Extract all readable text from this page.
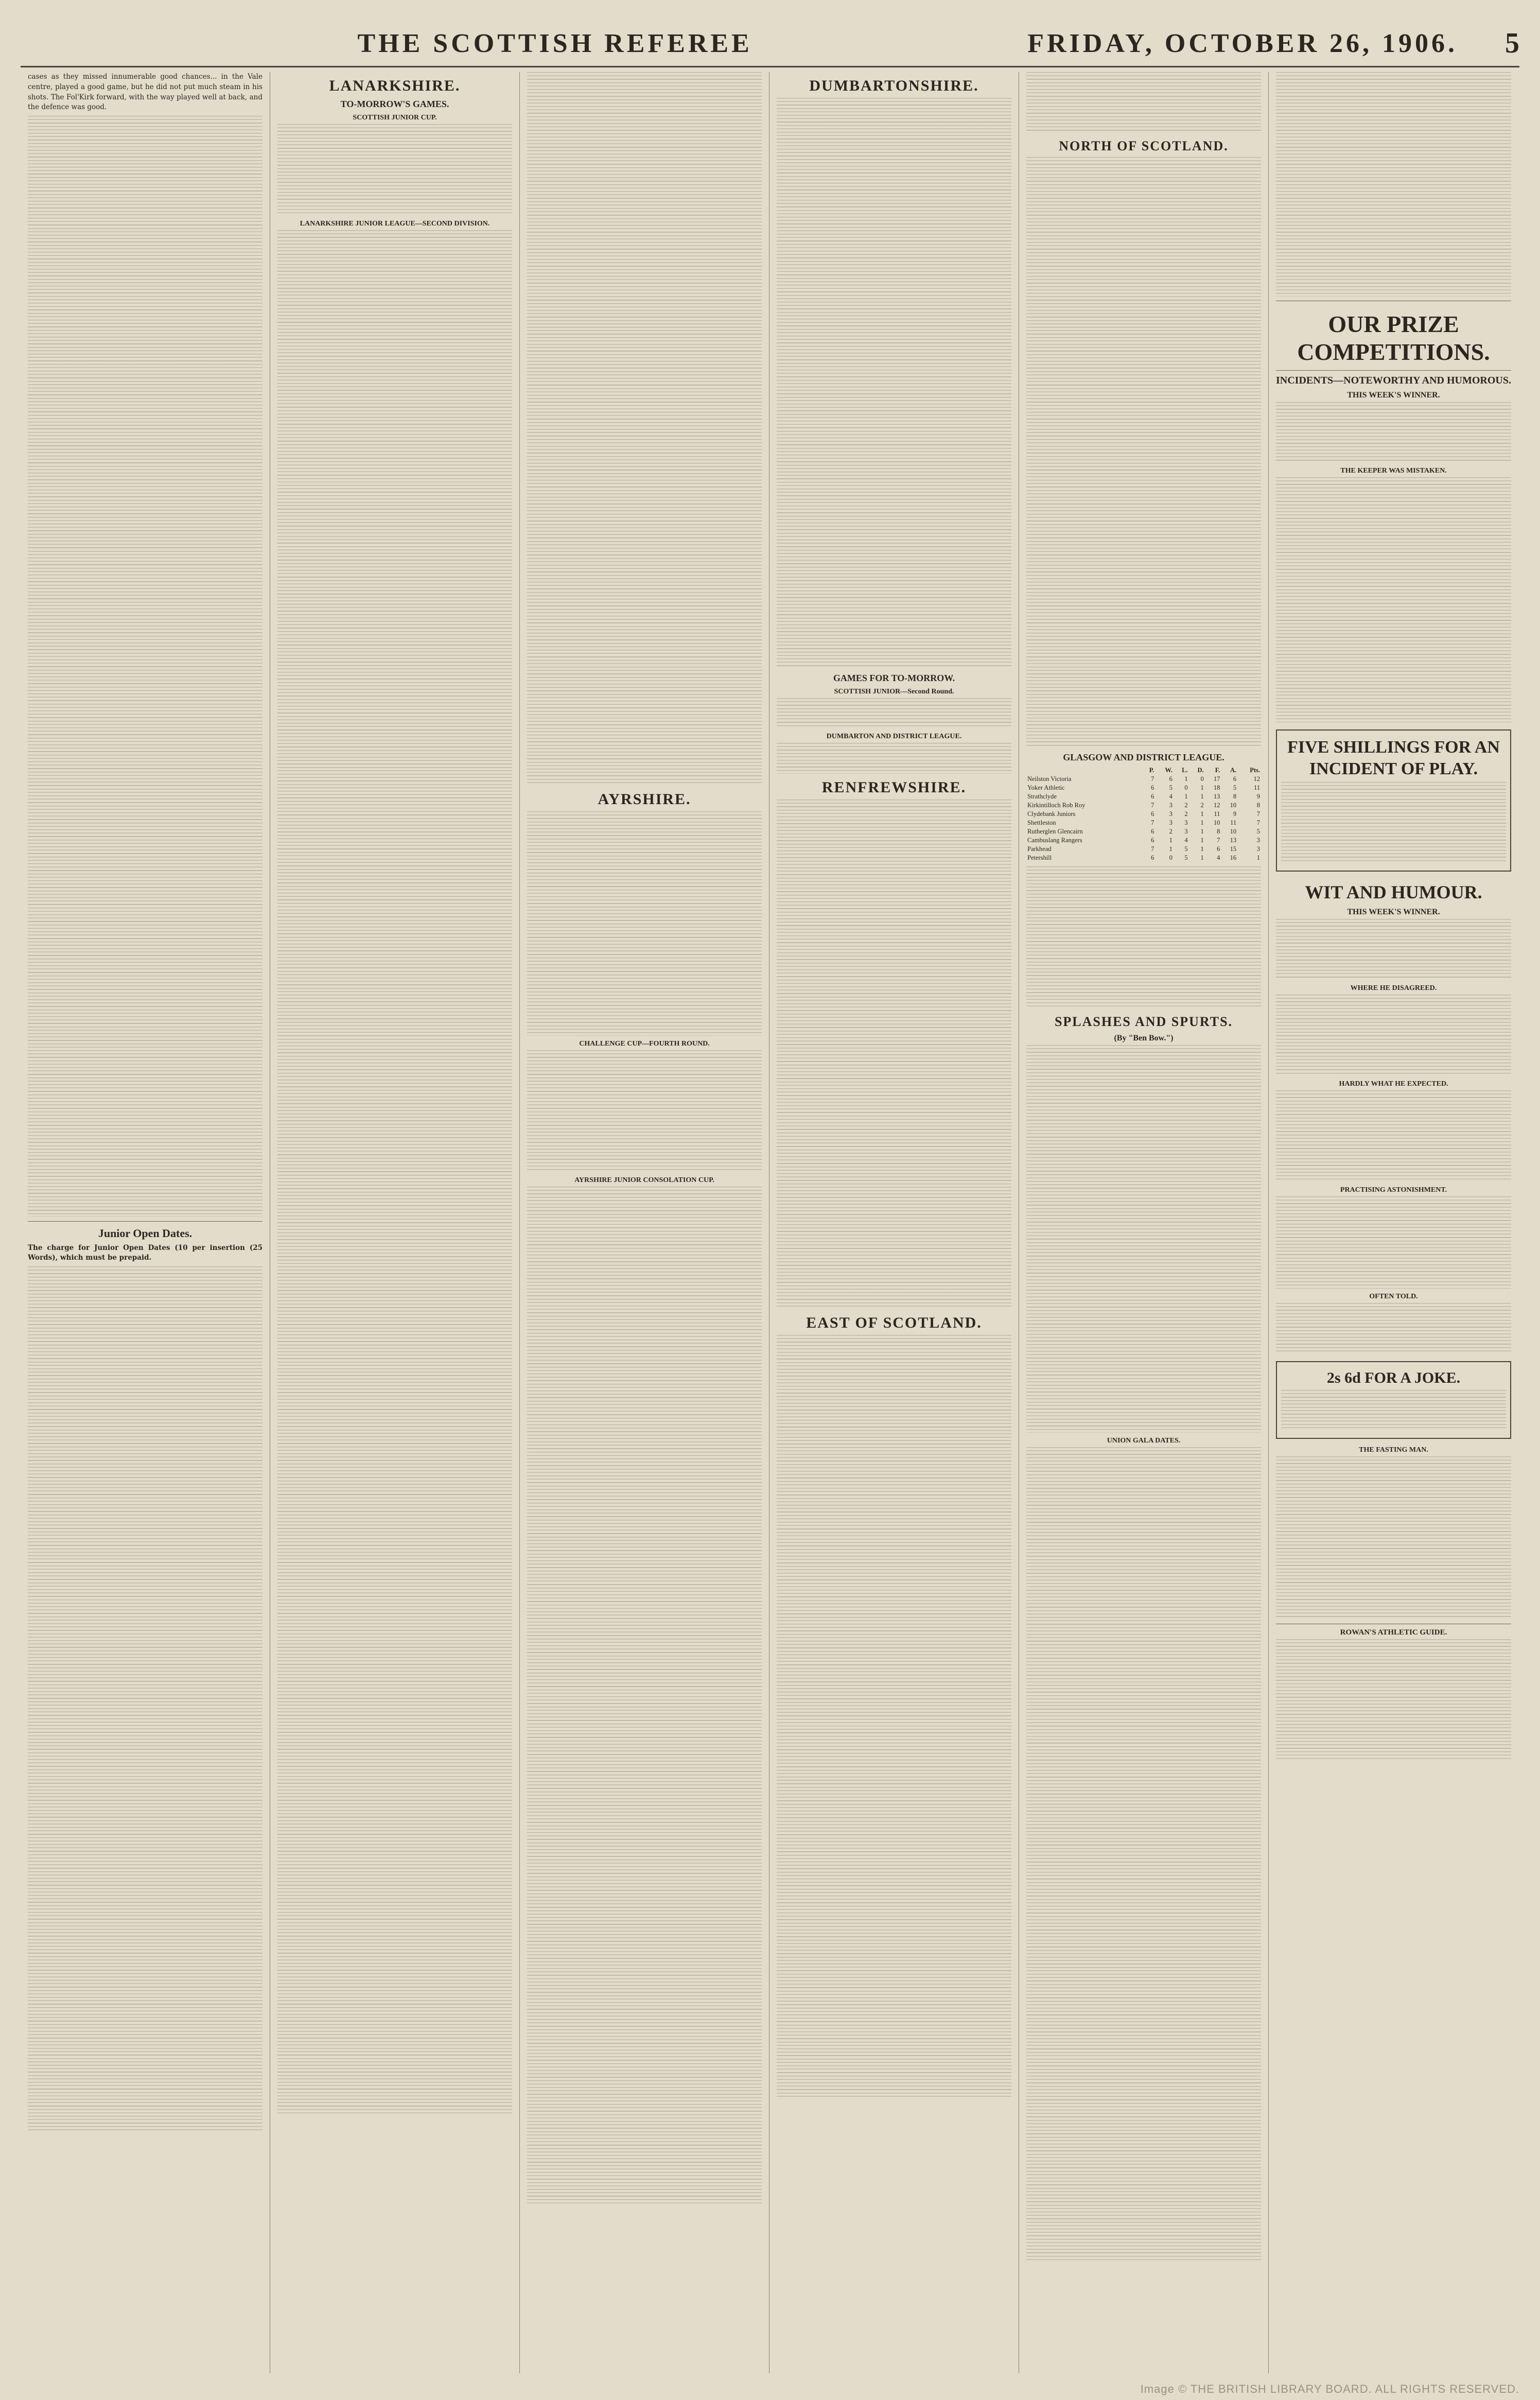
THE SCOTTISH REFEREE	FRIDAY, OCTOBER 26, 1906.	5

cases as they missed innumerable good chances... in the Vale centre, played a good game, but he did not put much steam in his shots. The Fol'Kirk forward, with the way played well at back, and the defence was good.

Junior Open Dates.

The charge for Junior Open Dates (10 per insertion (25 Words), which must be prepaid.

LANARKSHIRE.
TO-MORROW'S GAMES.
SCOTTISH JUNIOR CUP.
LANARKSHIRE JUNIOR LEAGUE—SECOND DIVISION.
AYRSHIRE.
CHALLENGE CUP—FOURTH ROUND.
AYRSHIRE JUNIOR CONSOLATION CUP.
DUMBARTONSHIRE.
GAMES FOR TO-MORROW.
SCOTTISH JUNIOR—Second Round.
DUMBARTON AND DISTRICT LEAGUE.
RENFREWSHIRE.
EAST OF SCOTLAND.
NORTH OF SCOTLAND.
GLASGOW AND DISTRICT LEAGUE.
	P.	W.	L.	D.	F.	A.	Pts.
Neilston Victoria	7	6	1	0	17	6	12
Yoker Athletic	6	5	0	1	18	5	11
Strathclyde	6	4	1	1	13	8	9
Kirkintilloch Rob Roy	7	3	2	2	12	10	8
Clydebank Juniors	6	3	2	1	11	9	7
Shettleston	7	3	3	1	10	11	7
Rutherglen Glencairn	6	2	3	1	8	10	5
Cambuslang Rangers	6	1	4	1	7	13	3
Parkhead	7	1	5	1	6	15	3
Petershill	6	0	5	1	4	16	1
SPLASHES AND SPURTS.
(By "Ben Bow.")
UNION GALA DATES.
OUR PRIZE COMPETITIONS.
INCIDENTS—NOTEWORTHY AND HUMOROUS.
THIS WEEK'S WINNER.
THE KEEPER WAS MISTAKEN.
FIVE SHILLINGS FOR AN INCIDENT OF PLAY.
WIT AND HUMOUR.
THIS WEEK'S WINNER.
WHERE HE DISAGREED.
HARDLY WHAT HE EXPECTED.
PRACTISING ASTONISHMENT.
OFTEN TOLD.
2s 6d FOR A JOKE.
THE FASTING MAN.
ROWAN'S ATHLETIC GUIDE.
Image © THE BRITISH LIBRARY BOARD. ALL RIGHTS RESERVED.
